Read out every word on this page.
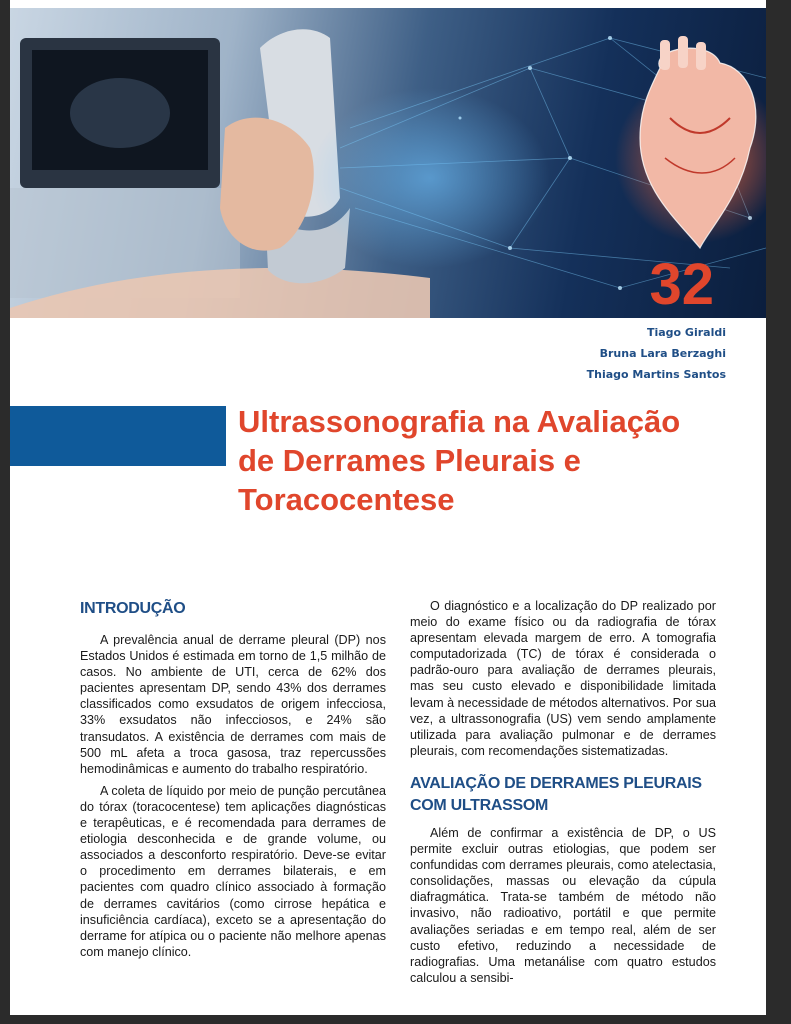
32
Tiago Giraldi
Bruna Lara Berzaghi
Thiago Martins Santos
Ultrassonografia na Avaliação
de Derrames Pleurais e
Toracocentese
INTRODUÇÃO

A prevalência anual de derrame pleural (DP) nos Estados Unidos é estimada em torno de 1,5 milhão de casos. No ambiente de UTI, cerca de 62% dos pacientes apresentam DP, sendo 43% dos derrames classificados como exsudatos de origem infecciosa, 33% exsudatos não infecciosos, e 24% são transudatos. A existência de derrames com mais de 500 mL afeta a troca gasosa, traz repercussões hemodinâmicas e aumento do trabalho respiratório.

A coleta de líquido por meio de punção percutânea do tórax (toracocentese) tem aplicações diagnósticas e terapêuticas, e é recomendada para derrames de etiologia desconhecida e de grande volume, ou associados a desconforto respiratório. Deve-se evitar o procedimento em derrames bilaterais, e em pacientes com quadro clínico associado à formação de derrames cavitários (como cirrose hepática e insuficiência cardíaca), exceto se a apresentação do derrame for atípica ou o paciente não melhore apenas com manejo clínico.

O diagnóstico e a localização do DP realizado por meio do exame físico ou da radiografia de tórax apresentam elevada margem de erro. A tomografia computadorizada (TC) de tórax é considerada o padrão-ouro para avaliação de derrames pleurais, mas seu custo elevado e disponibilidade limitada levam à necessidade de métodos alternativos. Por sua vez, a ultrassonografia (US) vem sendo amplamente utilizada para avaliação pulmonar e de derrames pleurais, com recomendações sistematizadas.

AVALIAÇÃO DE DERRAMES PLEURAIS
COM ULTRASSOM

Além de confirmar a existência de DP, o US permite excluir outras etiologias, que podem ser confundidas com derrames pleurais, como atelectasia, consolidações, massas ou elevação da cúpula diafragmática. Trata-se também de método não invasivo, não radioativo, portátil e que permite avaliações seriadas e em tempo real, além de ser custo efetivo, reduzindo a necessidade de radiografias. Uma metanálise com quatro estudos calculou a sensibi-
